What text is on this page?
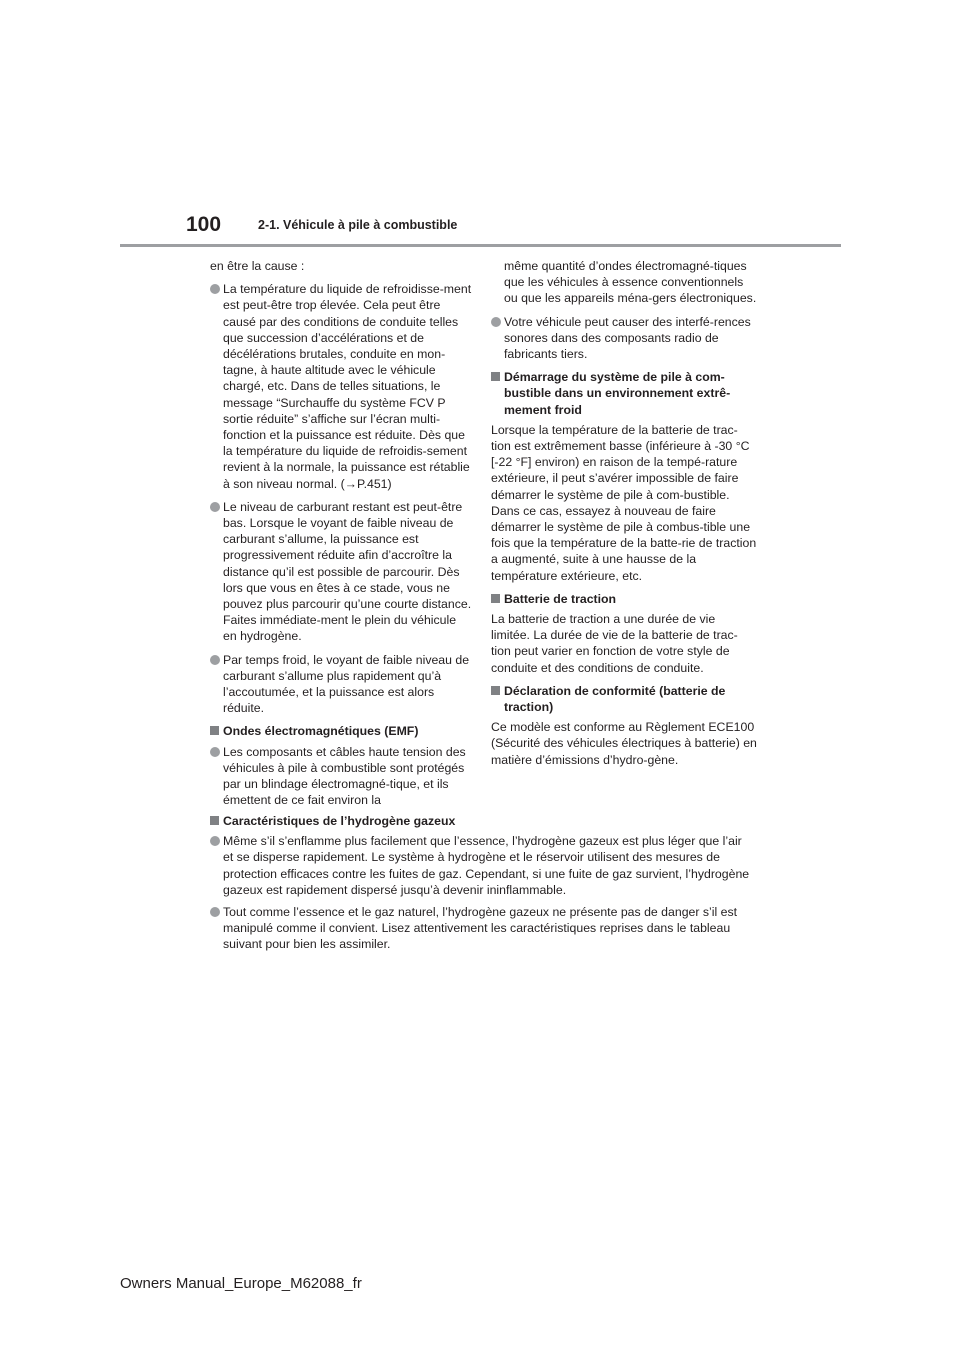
100	2-1. Véhicule à pile à combustible

en être la cause :

La température du liquide de refroidisse-ment est peut-être trop élevée. Cela peut être causé par des conditions de conduite telles que succession d’accélérations et de décélérations brutales, conduite en mon-tagne, à haute altitude avec le véhicule chargé, etc. Dans de telles situations, le message “Surchauffe du système FCV P sortie réduite” s’affiche sur l’écran multi-fonction et la puissance est réduite. Dès que la température du liquide de refroidis-sement revient à la normale, la puissance est rétablie à son niveau normal. (→P.451)
Le niveau de carburant restant est peut-être bas. Lorsque le voyant de faible niveau de carburant s’allume, la puissance est progressivement réduite afin d’accroître la distance qu’il est possible de parcourir. Dès lors que vous en êtes à ce stade, vous ne pouvez plus parcourir qu’une courte distance. Faites immédiate-ment le plein du véhicule en hydrogène.
Par temps froid, le voyant de faible niveau de carburant s’allume plus rapidement qu’à l’accoutumée, et la puissance est alors réduite.
Ondes électromagnétiques (EMF)
Les composants et câbles haute tension des véhicules à pile à combustible sont protégés par un blindage électromagné-tique, et ils émettent de ce fait environ la
même quantité d’ondes électromagné-tiques que les véhicules à essence conventionnels ou que les appareils ména-gers électroniques.
Votre véhicule peut causer des interfé-rences sonores dans des composants radio de fabricants tiers.
Démarrage du système de pile à com-bustible dans un environnement extrê-mement froid

Lorsque la température de la batterie de trac-tion est extrêmement basse (inférieure à -30 °C [-22 °F] environ) en raison de la tempé-rature extérieure, il peut s’avérer impossible de faire démarrer le système de pile à com-bustible. Dans ce cas, essayez à nouveau de faire démarrer le système de pile à combus-tible une fois que la température de la batte-rie de traction a augmenté, suite à une hausse de la température extérieure, etc.

Batterie de traction

La batterie de traction a une durée de vie limitée. La durée de vie de la batterie de trac-tion peut varier en fonction de votre style de conduite et des conditions de conduite.

Déclaration de conformité (batterie de traction)

Ce modèle est conforme au Règlement ECE100 (Sécurité des véhicules électriques à batterie) en matière d’émissions d’hydro-gène.

Caractéristiques de l’hydrogène gazeux
Même s’il s’enflamme plus facilement que l’essence, l’hydrogène gazeux est plus léger que l’air et se disperse rapidement. Le système à hydrogène et le réservoir utilisent des mesures de protection efficaces contre les fuites de gaz. Cependant, si une fuite de gaz survient, l’hydrogène gazeux est rapidement dispersé jusqu’à devenir ininflammable.
Tout comme l’essence et le gaz naturel, l’hydrogène gazeux ne présente pas de danger s’il est manipulé comme il convient. Lisez attentivement les caractéristiques reprises dans le tableau suivant pour bien les assimiler.
Owners Manual_Europe_M62088_fr
